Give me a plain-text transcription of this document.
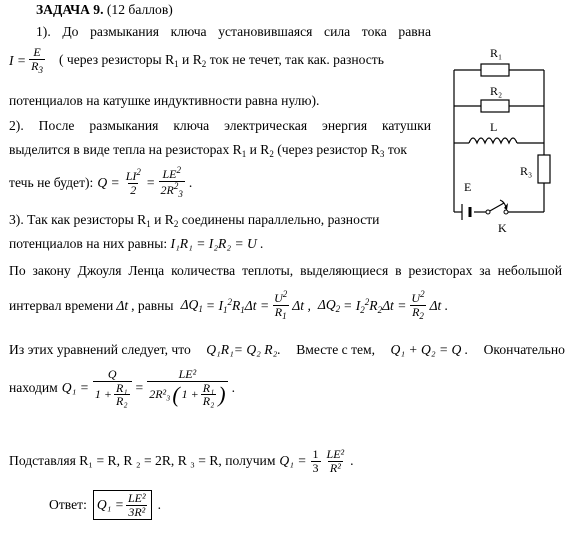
ЗАДАЧА 9. (12 баллов)
1). До размыкания ключа установившаяся сила тока равна
$I = \frac{E}{R_3}$ ( через резисторы $R_1$ и $R_2$ ток не течет, так как. разность
потенциалов на катушке индуктивности равна нулю).
2). После размыкания ключа электрическая энергия катушки
выделится в виде тепла на резисторах $R_1$ и $R_2$ (через резистор $R_3$ ток
течь не будет): $Q = \frac{LI^2}{2} = \frac{LE^2}{2R^2_3}$ .
3). Так как резисторы $R_1$ и $R_2$ соединены параллельно, разности
потенциалов на них равны: I₁R₁ = I₂R₂ = U .
По закону Джоуля Ленца количества теплоты, выделяющиеся в резисторах за небольшой
интервал времени Δt , равны $\Delta Q_1 = I_1^2R_1\Delta t = \frac{U^2}{R_1}$ Δt , $\Delta Q_2 = I_2^2R_2\Delta t = \frac{U^2}{R_2}$ Δt .
Из этих уравнений следует, что Q₁R₁= Q₂ R₂. Вместе с тем, Q₁ + Q₂ = Q . Окончательно
находим $Q_1 = \frac{Q}{1 + \frac{\text{R₁}}{\text{R₂}}} = \frac{\text{LE²}}{2R^2_3 ( 1 + \frac{\text{R₁}}{\text{R₂}} )}$ .
Подставляя R₁ = R, R ₂ = 2R, R ₃ = R, получим $Q_1 = \frac{1}{3} \frac{\text{LE²}}{\text{R²}}$ .
Ответ: $Q_1 = \frac{\text{LE²}}{\text{3R²}}$ .
R₁
R₂
L
R₃
E
K
